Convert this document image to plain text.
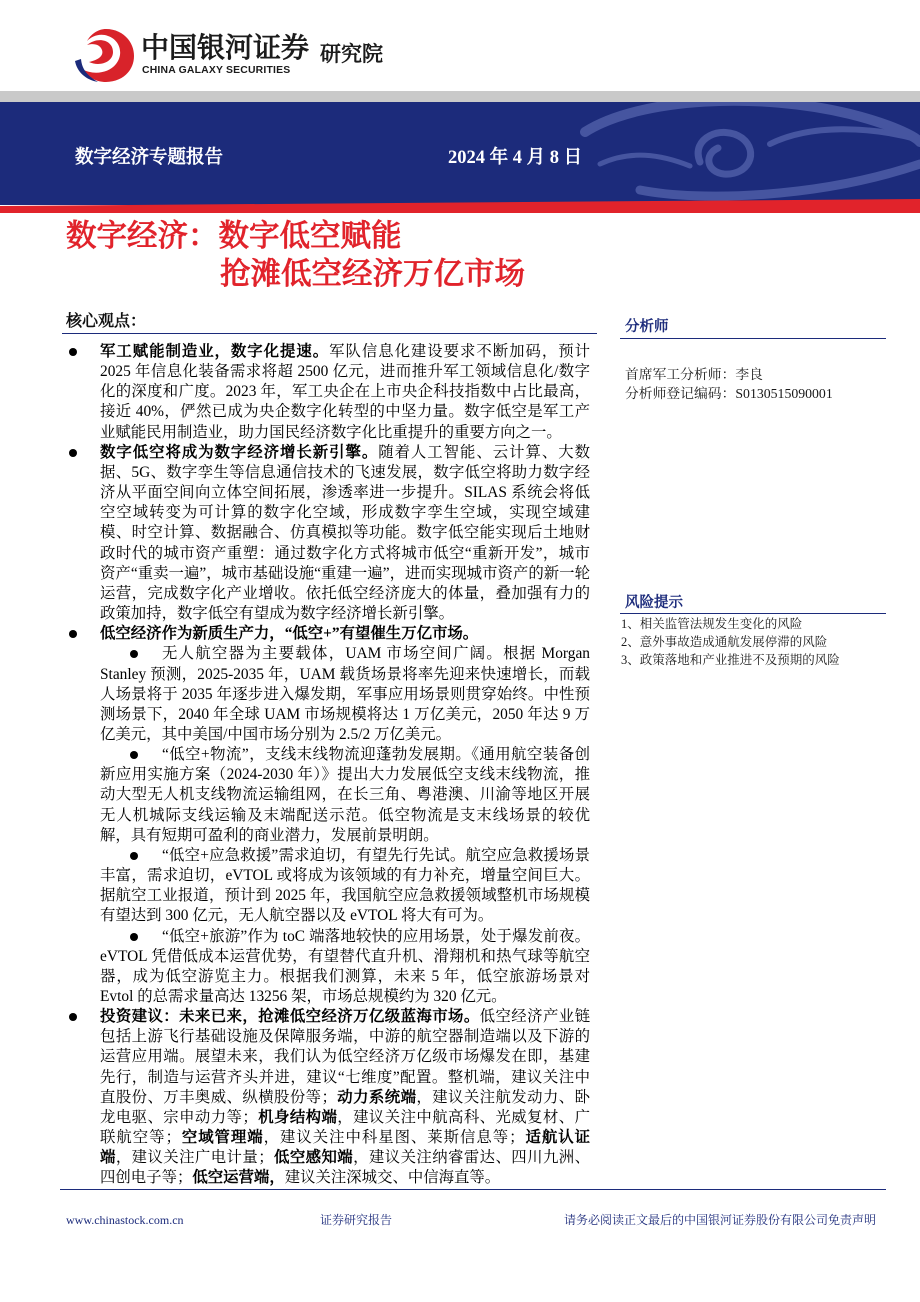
中国银河证券
CHINA GALAXY SECURITIES
研究院
数字经济专题报告	2024 年 4 月 8 日
数字经济：数字低空赋能
抢滩低空经济万亿市场
核心观点：

军工赋能制造业，数字化提速。军队信息化建设要求不断加码，预计 2025 年信息化装备需求将超 2500 亿元，进而推升军工领域信息化/数字化的深度和广度。2023 年，军工央企在上市央企科技指数中占比最高，接近 40%，俨然已成为央企数字化转型的中坚力量。数字低空是军工产业赋能民用制造业，助力国民经济数字化比重提升的重要方向之一。

数字低空将成为数字经济增长新引擎。随着人工智能、云计算、大数据、5G、数字孪生等信息通信技术的飞速发展，数字低空将助力数字经济从平面空间向立体空间拓展，渗透率进一步提升。SILAS 系统会将低空空域转变为可计算的数字化空域，形成数字孪生空域，实现空域建模、时空计算、数据融合、仿真模拟等功能。数字低空能实现后土地财政时代的城市资产重塑：通过数字化方式将城市低空“重新开发”，城市资产“重卖一遍”，城市基础设施“重建一遍”，进而实现城市资产的新一轮运营，完成数字化产业增收。依托低空经济庞大的体量，叠加强有力的政策加持，数字低空有望成为数字经济增长新引擎。

低空经济作为新质生产力，“低空+”有望催生万亿市场。

无人航空器为主要载体，UAM 市场空间广阔。根据 Morgan Stanley 预测，2025-2035 年，UAM 载货场景将率先迎来快速增长，而载人场景将于 2035 年逐步进入爆发期，军事应用场景则贯穿始终。中性预测场景下，2040 年全球 UAM 市场规模将达 1 万亿美元，2050 年达 9 万亿美元，其中美国/中国市场分别为 2.5/2 万亿美元。

“低空+物流”，支线末线物流迎蓬勃发展期。《通用航空装备创新应用实施方案（2024-2030 年）》提出大力发展低空支线末线物流，推动大型无人机支线物流运输组网，在长三角、粤港澳、川渝等地区开展无人机城际支线运输及末端配送示范。低空物流是支末线场景的较优解，具有短期可盈利的商业潜力，发展前景明朗。

“低空+应急救援”需求迫切，有望先行先试。航空应急救援场景丰富，需求迫切，eVTOL 或将成为该领域的有力补充，增量空间巨大。据航空工业报道，预计到 2025 年，我国航空应急救援领域整机市场规模有望达到 300 亿元，无人航空器以及 eVTOL 将大有可为。

“低空+旅游”作为 toC 端落地较快的应用场景，处于爆发前夜。eVTOL 凭借低成本运营优势，有望替代直升机、滑翔机和热气球等航空器，成为低空游览主力。根据我们测算，未来 5 年，低空旅游场景对 Evtol 的总需求量高达 13256 架，市场总规模约为 320 亿元。

投资建议：未来已来，抢滩低空经济万亿级蓝海市场。低空经济产业链包括上游飞行基础设施及保障服务端，中游的航空器制造端以及下游的运营应用端。展望未来，我们认为低空经济万亿级市场爆发在即，基建先行，制造与运营齐头并进，建议“七维度”配置。整机端，建议关注中直股份、万丰奥威、纵横股份等；动力系统端，建议关注航发动力、卧龙电驱、宗申动力等；机身结构端，建议关注中航高科、光威复材、广联航空等；空域管理端，建议关注中科星图、莱斯信息等；适航认证端，建议关注广电计量；低空感知端，建议关注纳睿雷达、四川九洲、四创电子等；低空运营端，建议关注深城交、中信海直等。

分析师
首席军工分析师：李良
分析师登记编码：S0130515090001
风险提示
1、相关监管法规发生变化的风险
2、意外事故造成通航发展停滞的风险
3、政策落地和产业推进不及预期的风险
www.chinastock.com.cn	证券研究报告	请务必阅读正文最后的中国银河证券股份有限公司免责声明
